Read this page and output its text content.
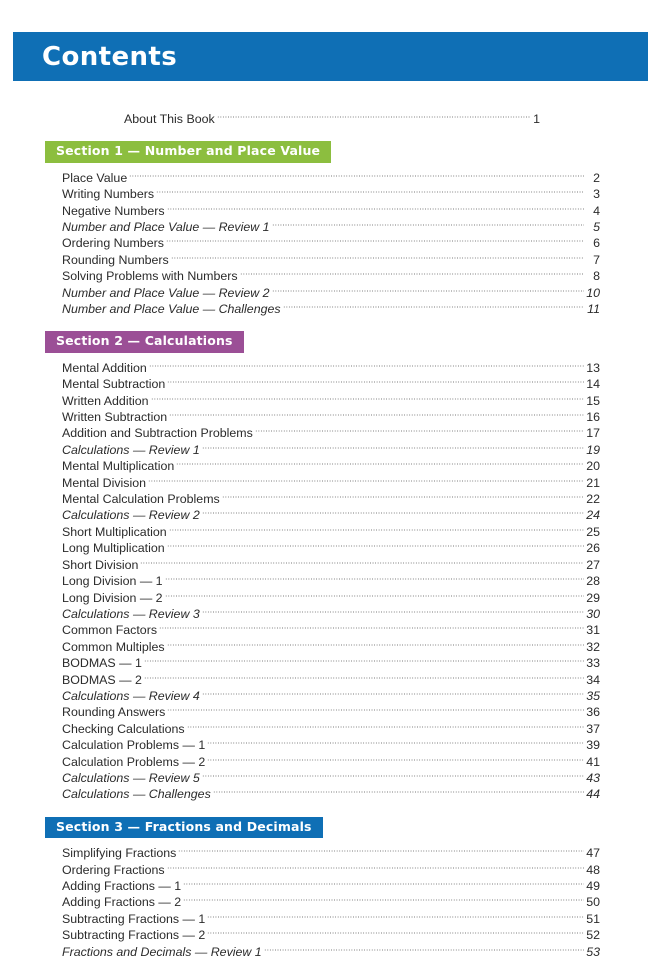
Contents
About This Book	1
Section 1 — Number and Place Value
Place Value	2
Writing Numbers	3
Negative Numbers	4
Number and Place Value — Review 1	5
Ordering Numbers	6
Rounding Numbers	7
Solving Problems with Numbers	8
Number and Place Value — Review 2	10
Number and Place Value — Challenges	11
Section 2 — Calculations
Mental Addition	13
Mental Subtraction	14
Written Addition	15
Written Subtraction	16
Addition and Subtraction Problems	17
Calculations — Review 1	19
Mental Multiplication	20
Mental Division	21
Mental Calculation Problems	22
Calculations — Review 2	24
Short Multiplication	25
Long Multiplication	26
Short Division	27
Long Division — 1	28
Long Division — 2	29
Calculations — Review 3	30
Common Factors	31
Common Multiples	32
BODMAS — 1	33
BODMAS — 2	34
Calculations — Review 4	35
Rounding Answers	36
Checking Calculations	37
Calculation Problems — 1	39
Calculation Problems — 2	41
Calculations — Review 5	43
Calculations — Challenges	44
Section 3 — Fractions and Decimals
Simplifying Fractions	47
Ordering Fractions	48
Adding Fractions — 1	49
Adding Fractions — 2	50
Subtracting Fractions — 1	51
Subtracting Fractions — 2	52
Fractions and Decimals — Review 1	53
